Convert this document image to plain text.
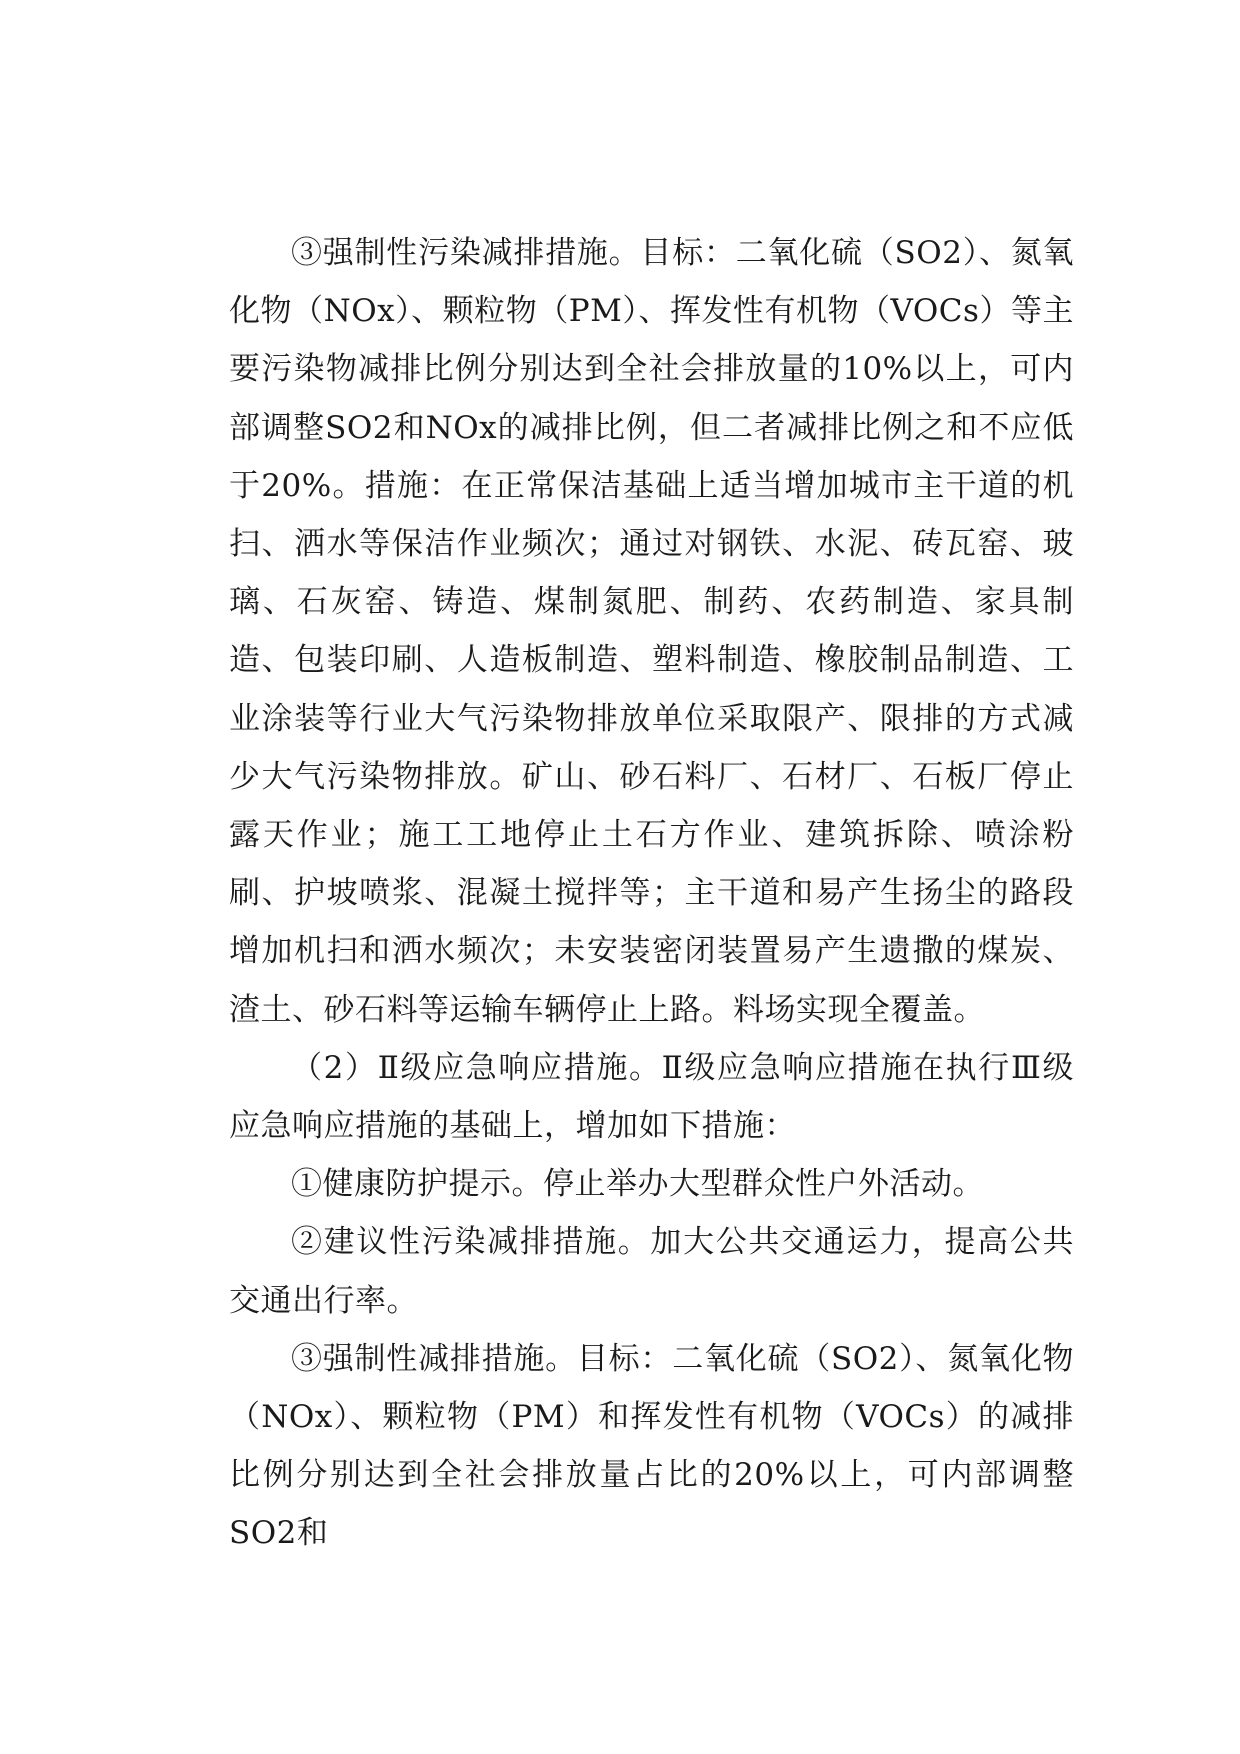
③强制性污染减排措施。目标：二氧化硫（SO2）、氮氧化物（NOx）、颗粒物（PM）、挥发性有机物（VOCs）等主要污染物减排比例分别达到全社会排放量的10%以上，可内部调整SO2和NOx的减排比例，但二者减排比例之和不应低于20%。措施：在正常保洁基础上适当增加城市主干道的机扫、洒水等保洁作业频次；通过对钢铁、水泥、砖瓦窑、玻璃、石灰窑、铸造、煤制氮肥、制药、农药制造、家具制造、包装印刷、人造板制造、塑料制造、橡胶制品制造、工业涂装等行业大气污染物排放单位采取限产、限排的方式减少大气污染物排放。矿山、砂石料厂、石材厂、石板厂停止露天作业；施工工地停止土石方作业、建筑拆除、喷涂粉刷、护坡喷浆、混凝土搅拌等；主干道和易产生扬尘的路段增加机扫和洒水频次；未安装密闭装置易产生遗撒的煤炭、渣土、砂石料等运输车辆停止上路。料场实现全覆盖。

（2）Ⅱ级应急响应措施。Ⅱ级应急响应措施在执行Ⅲ级应急响应措施的基础上，增加如下措施：

①健康防护提示。停止举办大型群众性户外活动。

②建议性污染减排措施。加大公共交通运力，提高公共交通出行率。

③强制性减排措施。目标：二氧化硫（SO2）、氮氧化物（NOx）、颗粒物（PM）和挥发性有机物（VOCs）的减排比例分别达到全社会排放量占比的20%以上，可内部调整SO2和
